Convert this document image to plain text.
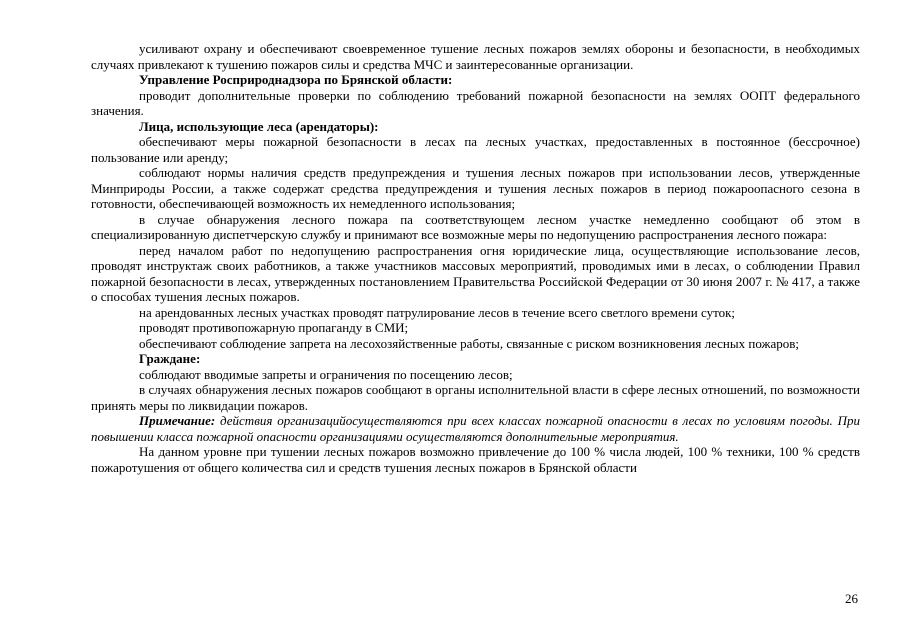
усиливают охрану и обеспечивают своевременное тушение лесных пожаров землях обороны и безопасности, в необходимых случаях привлекают к тушению пожаров силы и средства МЧС и заинтересованные организации.

Управление Росприроднадзора по Брянской области:

проводит дополнительные проверки по соблюдению требований пожарной безопасности на землях ООПТ федерального значения.

Лица, использующие леса (арендаторы):

обеспечивают меры пожарной безопасности в лесах па лесных участках, предоставленных в постоянное (бессрочное) пользование или аренду;

соблюдают нормы наличия средств предупреждения и тушения лесных пожаров при использовании лесов, утвержденные Минприроды России, а также содержат средства предупреждения и тушения лесных пожаров в период пожароопасного сезона в готовности, обеспечивающей возможность их немедленного использования;

в случае обнаружения лесного пожара па соответствующем лесном участке немедленно сообщают об этом в специализированную диспетчерскую службу и принимают все возможные меры по недопущению распространения лесного пожара:

перед началом работ по недопущению распространения огня юридические лица, осуществляющие использование лесов, проводят инструктаж своих работников, а также участников массовых мероприятий, проводимых ими в лесах, о соблюдении Правил пожарной безопасности в лесах, утвержденных постановлением Правительства Российской Федерации от 30 июня 2007 г. № 417, а также о способах тушения лесных пожаров.

на арендованных лесных участках проводят патрулирование лесов в течение всего светлого времени суток;

проводят противопожарную пропаганду в СМИ;

обеспечивают соблюдение запрета на лесохозяйственные работы, связанные с риском возникновения лесных пожаров;

Граждане:

соблюдают вводимые запреты и ограничения по посещению лесов;

в случаях обнаружения лесных пожаров сообщают в органы исполнительной власти в сфере лесных отношений, по возможности принять меры по ликвидации пожаров.

Примечание: действия организацийосуществляются при всех классах пожарной опасности в лесах по условиям погоды. При повышении класса пожарной опасности организациями осуществляются дополнительные мероприятия.

На данном уровне при тушении лесных пожаров возможно привлечение до 100 % числа людей, 100 % техники, 100 % средств пожаротушения от общего количества сил и средств тушения лесных пожаров в Брянской области

26
